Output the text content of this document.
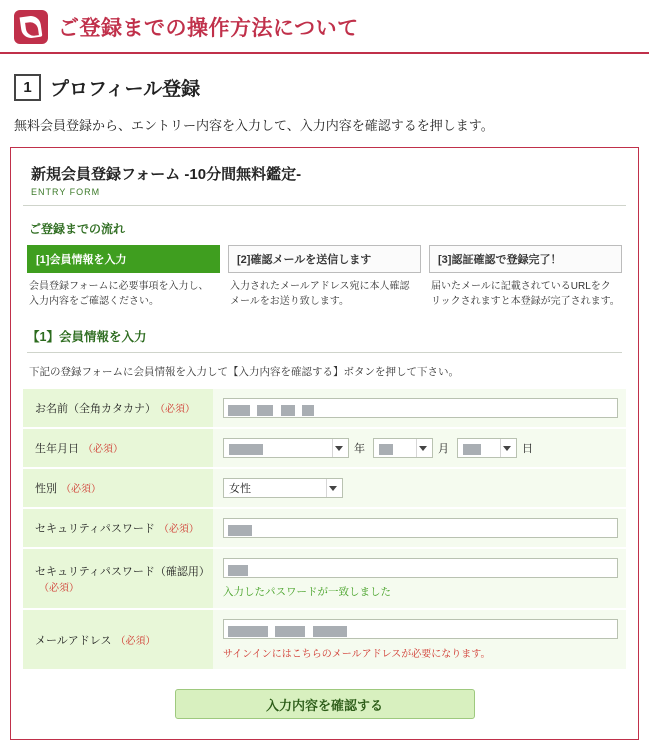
ご登録までの操作方法について
1 プロフィール登録
無料会員登録から、エントリー内容を入力して、入力内容を確認するを押します。
新規会員登録フォーム -10分間無料鑑定-
ENTRY FORM
ご登録までの流れ
[1]会員情報を入力
会員登録フォームに必要事項を入力し、入力内容をご確認ください。
[2]確認メールを送信します
入力されたメールアドレス宛に本人確認メールをお送り致します。
[3]認証確認で登録完了！
届いたメールに記載されているURLをクリックされますと本登録が完了されます。
【1】会員情報を入力
下記の登録フォームに会員情報を入力して【入力内容を確認する】ボタンを押して下さい。
お名前（全角カタカナ） （必須）	
生年月日 （必須）	年 月 日

性別 （必須）	女性

セキュリティパスワード （必須）	
セキュリティパスワード（確認用）（必須）	入力したパスワードが一致しました

メールアドレス （必須）	サインインにはこちらのメールアドレスが必要になります。
入力内容を確認する
